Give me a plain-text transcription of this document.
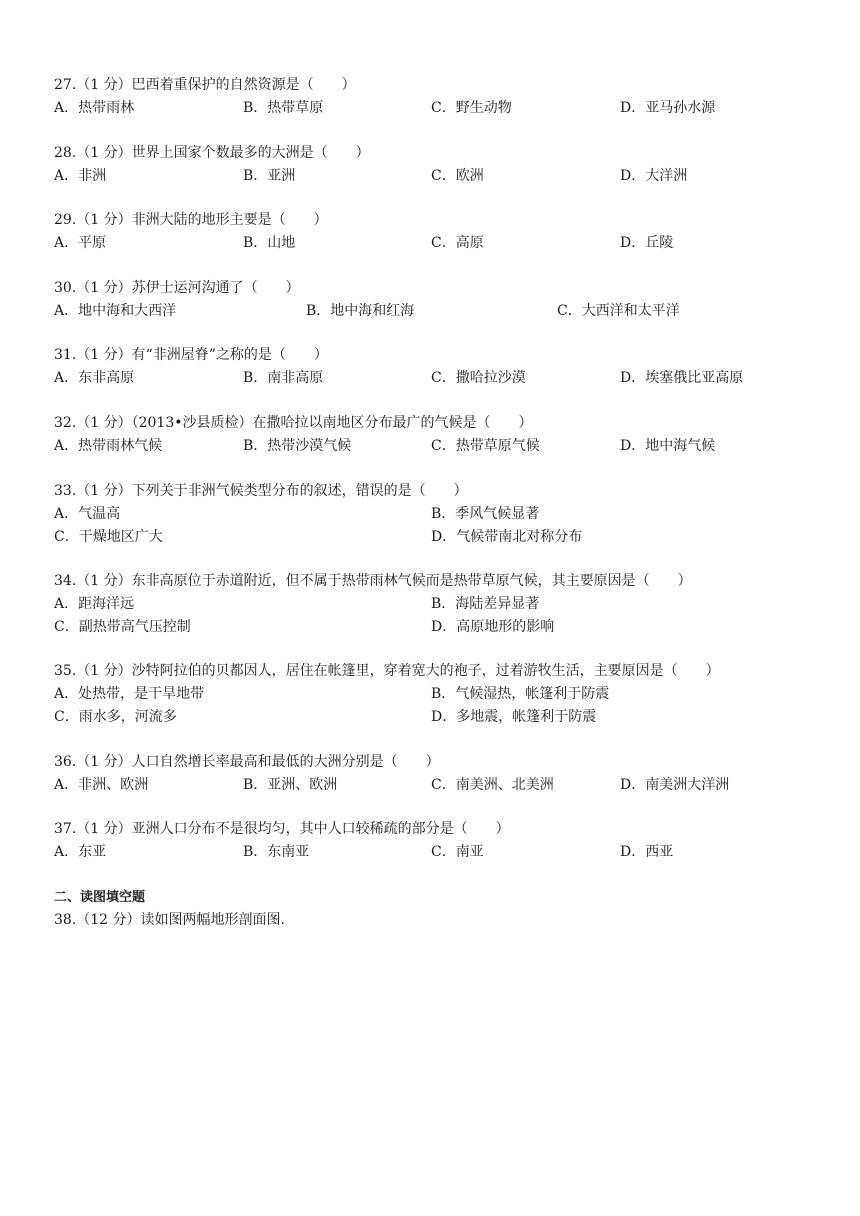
27.（1 分）巴西着重保护的自然资源是（　　）
A．热带雨林	B．热带草原	C．野生动物	D．亚马孙水源
28.（1 分）世界上国家个数最多的大洲是（　　）
A．非洲	B．亚洲	C．欧洲	D．大洋洲
29.（1 分）非洲大陆的地形主要是（　　）
A．平原	B．山地	C．高原	D．丘陵
30.（1 分）苏伊士运河沟通了（　　）
A．地中海和大西洋	B．地中海和红海	C．大西洋和太平洋
31.（1 分）有“非洲屋脊”之称的是（　　）
A．东非高原	B．南非高原	C．撒哈拉沙漠	D．埃塞俄比亚高原
32.（1 分）（2013•沙县质检）在撒哈拉以南地区分布最广的气候是（　　）
A．热带雨林气候	B．热带沙漠气候	C．热带草原气候	D．地中海气候
33.（1 分）下列关于非洲气候类型分布的叙述，错误的是（　　）
A．气温高	B．季风气候显著
C．干燥地区广大	D．气候带南北对称分布
34.（1 分）东非高原位于赤道附近，但不属于热带雨林气候而是热带草原气候，其主要原因是（　　）
A．距海洋远	B．海陆差异显著
C．副热带高气压控制	D．高原地形的影响
35.（1 分）沙特阿拉伯的贝都因人，居住在帐篷里，穿着宽大的袍子，过着游牧生活，主要原因是（　　）
A．处热带，是干旱地带	B．气候湿热，帐篷利于防震
C．雨水多，河流多	D．多地震，帐篷利于防震
36.（1 分）人口自然增长率最高和最低的大洲分别是（　　）
A．非洲、欧洲	B．亚洲、欧洲	C．南美洲、北美洲	D．南美洲大洋洲
37.（1 分）亚洲人口分布不是很均匀，其中人口较稀疏的部分是（　　）
A．东亚	B．东南亚	C．南亚	D．西亚
二、读图填空题
38.（12 分）读如图两幅地形剖面图.
